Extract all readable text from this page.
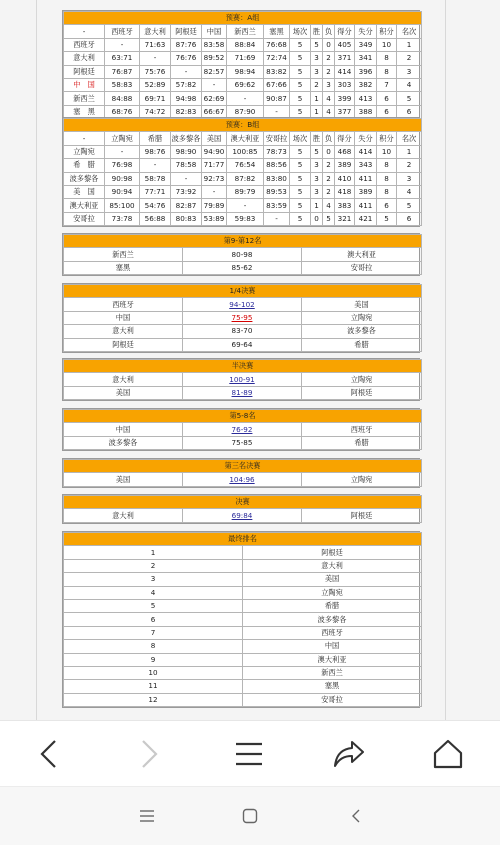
预赛：A组													
-	西班牙	意大利	阿根廷	中国	新西兰	塞黑	场次	胜	负	得分	失分	积分	名次
西班牙	-	71:63	87:76	83:58	88:84	76:68	5	5	0	405	349	10	1
意大利	63:71	-	76:76	89:52	71:69	72:74	5	3	2	371	341	8	2
阿根廷	76:87	75:76	-	82:57	98:94	83:82	5	3	2	414	396	8	3
中　国	58:83	52:89	57:82	-	69:62	67:66	5	2	3	303	382	7	4
新西兰	84:88	69:71	94:98	62:69	-	90:87	5	1	4	399	413	6	5
塞　黑	68:76	74:72	82:83	66:67	87:90	-	5	1	4	377	388	6	6
预赛：B组													
-	立陶宛	希腊	波多黎各	美国	澳大利亚	安哥拉	场次	胜	负	得分	失分	积分	名次
立陶宛	-	98:76	98:90	94:90	100:85	78:73	5	5	0	468	414	10	1
希　腊	76:98	-	78:58	71:77	76:54	88:56	5	3	2	389	343	8	2
波多黎各	90:98	58:78	-	92:73	87:82	83:80	5	3	2	410	411	8	3
美　国	90:94	77:71	73:92	-	89:79	89:53	5	3	2	418	389	8	4
澳大利亚	85:100	54:76	82:87	79:89	-	83:59	5	1	4	383	411	6	5
安哥拉	73:78	56:88	80:83	53:89	59:83	-	5	0	5	321	421	5	6
第9-第12名		
新西兰	80-98	澳大利亚
塞黑	85-62	安哥拉
1/4决赛		
西班牙	94-102	美国
中国	75-95	立陶宛
意大利	83-70	波多黎各
阿根廷	69-64	希腊
半决赛		
意大利	100-91	立陶宛
美国	81-89	阿根廷
第5-8名		
中国	76-92	西班牙
波多黎各	75-85	希腊
第三名决赛
美国	104:96	立陶宛
决赛
意大利	69:84	阿根廷
最终排名	
1	阿根廷
2	意大利
3	美国
4	立陶宛
5	希腊
6	波多黎各
7	西班牙
8	中国
9	澳大利亚
10	新西兰
11	塞黑
12	安哥拉
